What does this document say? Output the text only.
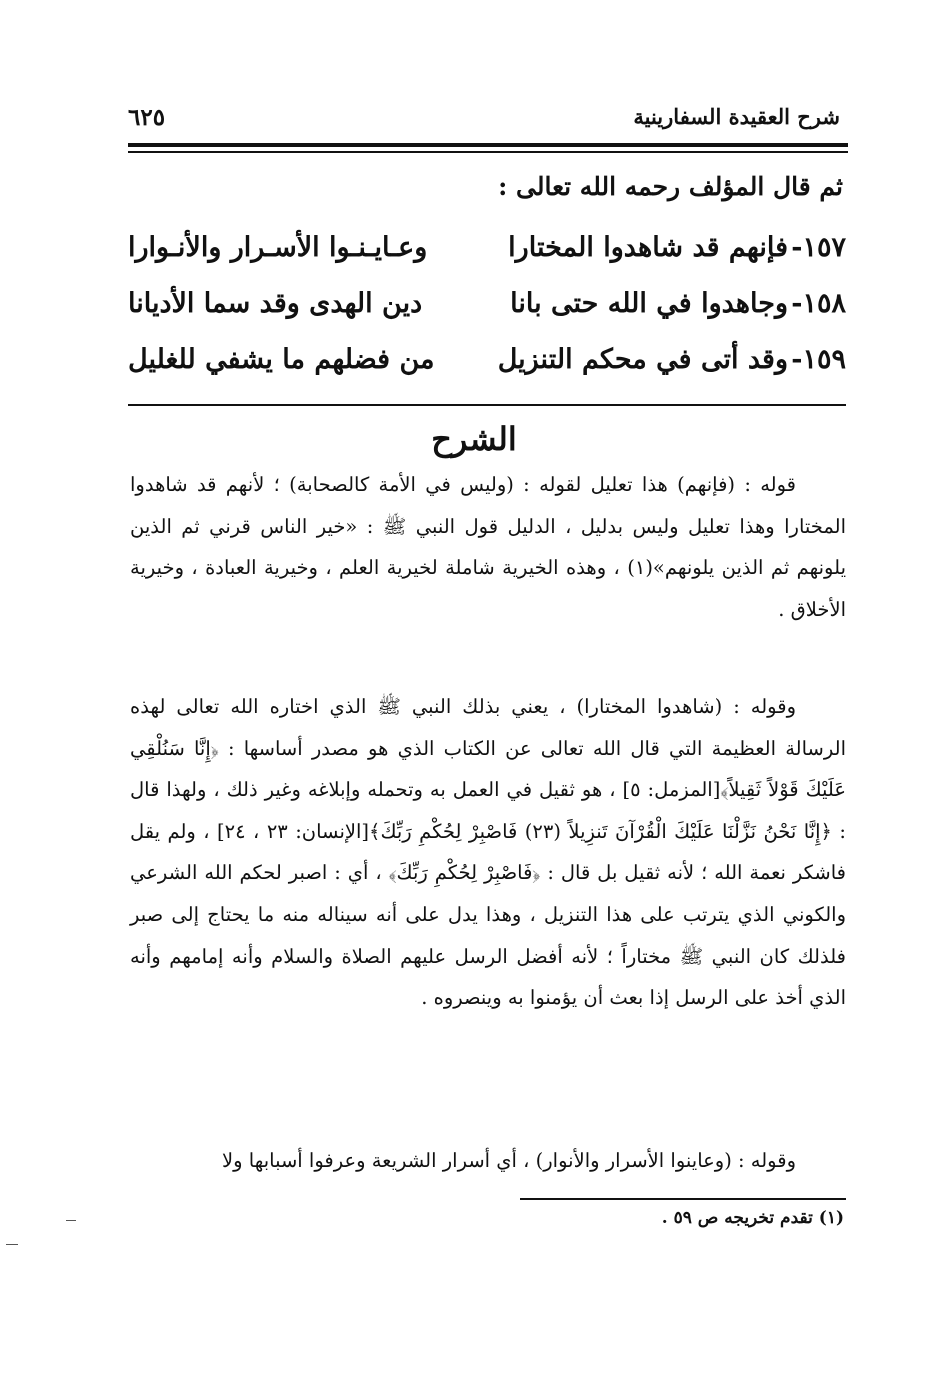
شرح العقيدة السفارينية
٦٢٥
ثم قال المؤلف رحمه الله تعالى :
١٥٧-
فإنهم قد شاهدوا المختارا
وعـايـنـوا الأسـرار والأنـوارا
١٥٨-
وجاهدوا في الله حتى بانا
دين الهدى وقد سما الأديانا
١٥٩-
وقد أتى في محكم التنزيل
من فضلهم ما يشفي للغليل
الشرح

قوله : (فإنهم) هذا تعليل لقوله : (وليس في الأمة كالصحابة) ؛ لأنهم قد شاهدوا المختارا وهذا تعليل وليس بدليل ، الدليل قول النبي ﷺ : «خير الناس قرني ثم الذين يلونهم ثم الذين يلونهم»(١) ، وهذه الخيرية شاملة لخيرية العلم ، وخيرية العبادة ، وخيرية الأخلاق .

وقوله : (شاهدوا المختارا) ، يعني بذلك النبي ﷺ الذي اختاره الله تعالى لهذه الرسالة العظيمة التي قال الله تعالى عن الكتاب الذي هو مصدر أساسها : ﴿إِنَّا سَنُلْقِي عَلَيْكَ قَوْلاً ثَقِيلاً﴾[المزمل: ٥] ، هو ثقيل في العمل به وتحمله وإبلاغه وغير ذلك ، ولهذا قال : ﴿إِنَّا نَحْنُ نَزَّلْنَا عَلَيْكَ الْقُرْآنَ تَنزِيلاً (٢٣) فَاصْبِرْ لِحُكْمِ رَبِّكَ﴾[الإنسان: ٢٣ ، ٢٤] ، ولم يقل فاشكر نعمة الله ؛ لأنه ثقيل بل قال : ﴿فَاصْبِرْ لِحُكْمِ رَبِّكَ﴾ ، أي : اصبر لحكم الله الشرعي والكوني الذي يترتب على هذا التنزيل ، وهذا يدل على أنه سيناله منه ما يحتاج إلى صبر فلذلك كان النبي ﷺ مختاراً ؛ لأنه أفضل الرسل عليهم الصلاة والسلام وأنه إمامهم وأنه الذي أخذ على الرسل إذا بعث أن يؤمنوا به وينصروه .

وقوله : (وعاينوا الأسرار والأنوار) ، أي أسرار الشريعة وعرفوا أسبابها ولا

(١) تقدم تخريجه ص ٥٩ .
